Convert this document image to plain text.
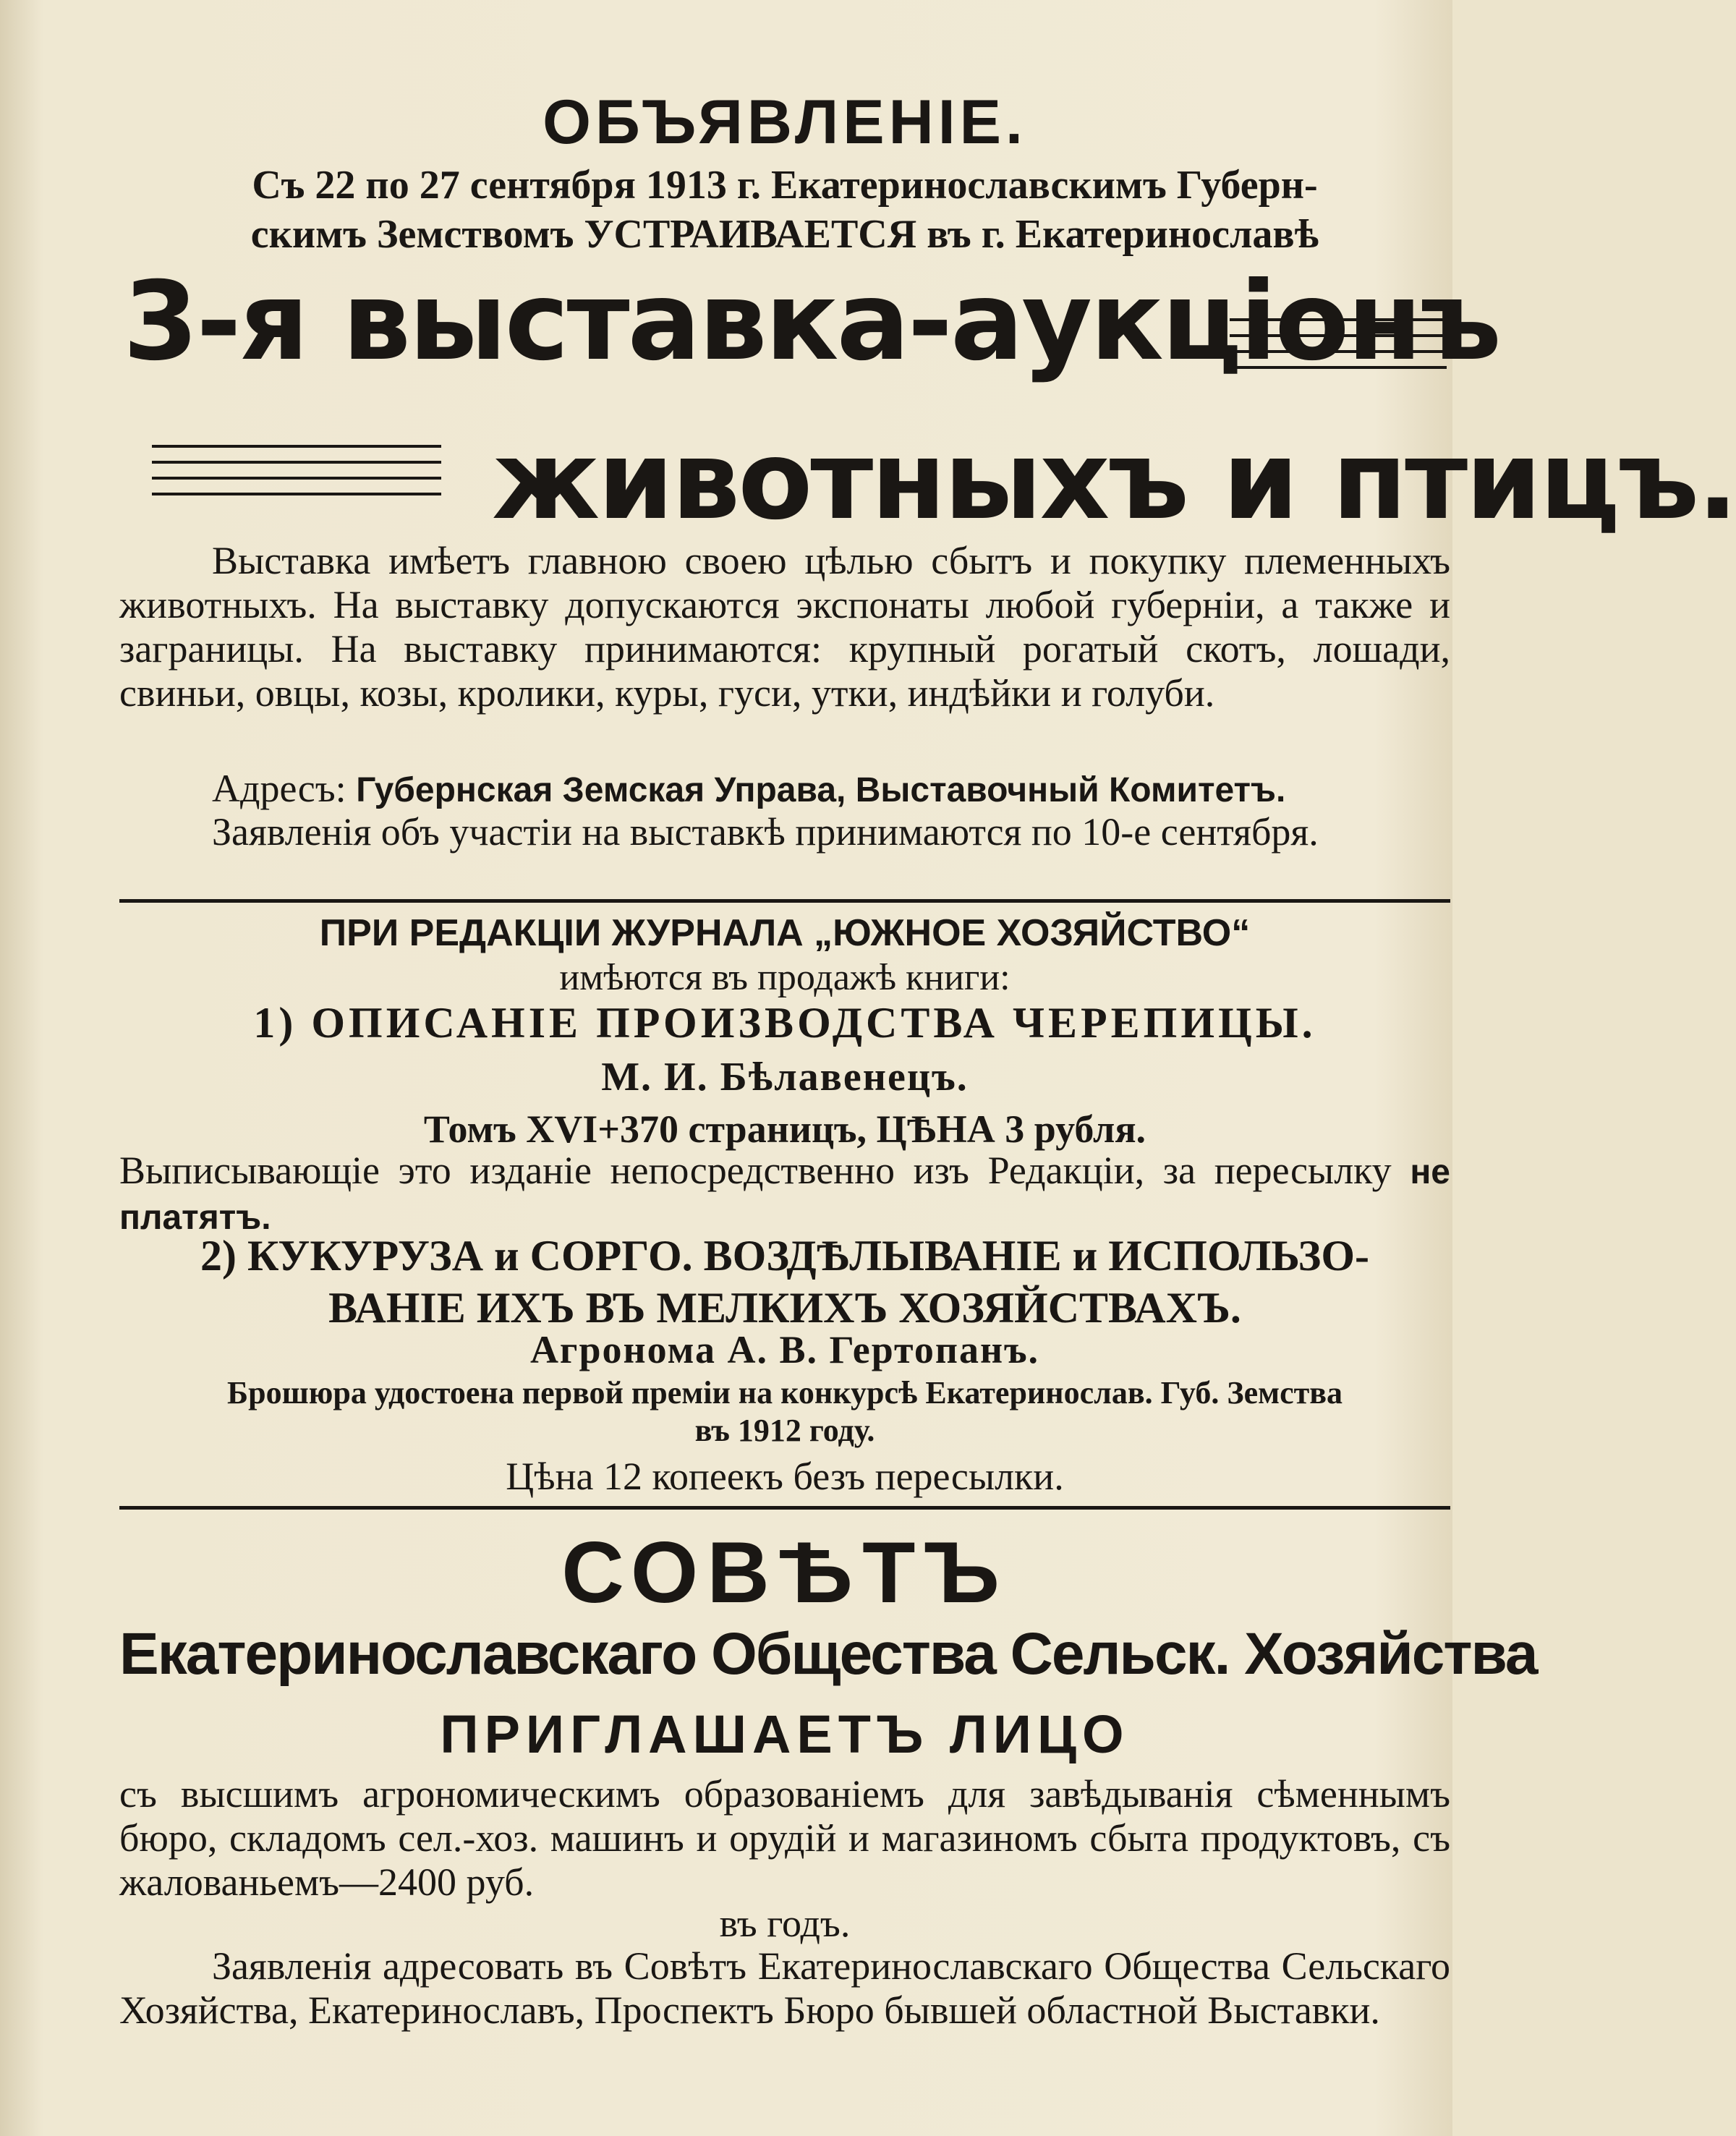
ОБЪЯВЛЕНIЕ.
Съ 22 по 27 сентября 1913 г. Екатеринославскимъ Губерн-
скимъ Земствомъ УСТРАИВАЕТСЯ въ г. Екатеринославѣ
3-я выставка-аукцiонъ
животныхъ и птицъ.
Выставка имѣетъ главною своею цѣлью сбытъ и покупку племенныхъ животныхъ. На выставку допускаются экспонаты любой губернiи, а также и заграницы. На выставку принимаются: крупный рогатый скотъ, лошади, свиньи, овцы, козы, кролики, куры, гуси, утки, индѣйки и голуби.
Адресъ: Губернская Земская Управа, Выставочный Комитетъ.
Заявленiя объ участiи на выставкѣ принимаются по 10-е сентября.
ПРИ РЕДАКЦIИ ЖУРНАЛА „ЮЖНОЕ ХОЗЯЙСТВО“
имѣются въ продажѣ книги:
1) ОПИСАНIЕ ПРОИЗВОДСТВА ЧЕРЕПИЦЫ.
М. И. Бѣлавенецъ.
Томъ XVI+370 страницъ, ЦѢНА 3 рубля.
Выписывающiе это изданiе непосредственно изъ Редакцiи, за пересылку не платятъ.
2) КУКУРУЗА и СОРГО. ВОЗДѢЛЫВАНIЕ и ИСПОЛЬЗО-
ВАНIЕ ИХЪ ВЪ МЕЛКИХЪ ХОЗЯЙСТВАХЪ.
Агронома А. В. Гертопанъ.
Брошюра удостоена первой премiи на конкурсѣ Екатеринослав. Губ. Земства
въ 1912 году.
Цѣна 12 копеекъ безъ пересылки.
СОВѢТЪ
Екатеринославскаго Общества Сельск. Хозяйства
ПРИГЛАШАЕТЪ ЛИЦО
съ высшимъ агрономическимъ образованiемъ для завѣдыванiя сѣменнымъ бюро, складомъ сел.-хоз. машинъ и орудiй и магазиномъ сбыта продуктовъ, съ жалованьемъ—2400 руб.
въ годъ.
Заявленiя адресовать въ Совѣтъ Екатеринославскаго Общества Сельскаго Хозяйства, Екатеринославъ, Проспектъ Бюро бывшей областной Выставки.
